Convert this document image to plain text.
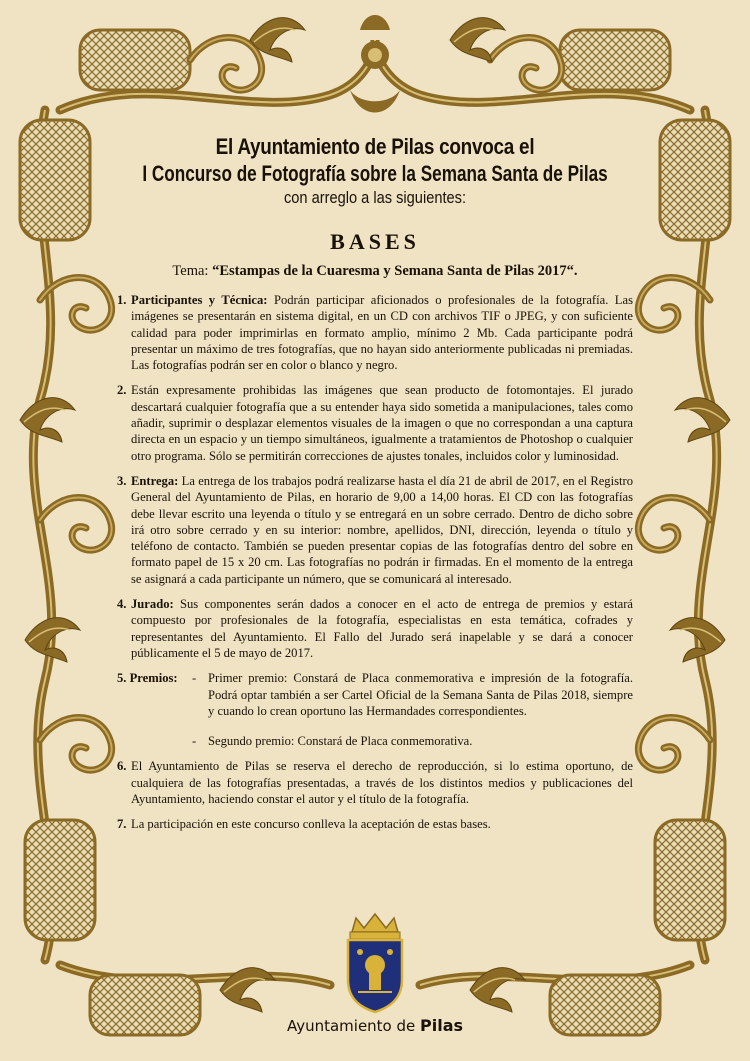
El Ayuntamiento de Pilas convoca el

I Concurso de Fotografía sobre la Semana Santa de Pilas

con arreglo a las siguientes:

BASES

Tema: “Estampas de la Cuaresma y Semana Santa de Pilas 2017“.

1. Participantes y Técnica: Podrán participar aficionados o profesionales de la fotografía. Las imágenes se presentarán en sistema digital, en un CD con archivos TIF o JPEG, y con suficiente calidad para poder imprimirlas en formato amplio, mínimo 2 Mb. Cada participante podrá presentar un máximo de tres fotografías, que no hayan sido anteriormente publicadas ni premiadas. Las fotografías podrán ser en color o blanco y negro.
2. Están expresamente prohibidas las imágenes que sean producto de fotomontajes. El jurado descartará cualquier fotografía que a su entender haya sido sometida a manipulaciones, tales como añadir, suprimir o desplazar elementos visuales de la imagen o que no correspondan a una captura directa en un espacio y un tiempo simultáneos, igualmente a tratamientos de Photoshop o cualquier otro programa. Sólo se permitirán correcciones de ajustes tonales, incluidos color y luminosidad.
3. Entrega: La entrega de los trabajos podrá realizarse hasta el día 21 de abril de 2017, en el Registro General del Ayuntamiento de Pilas, en horario de 9,00 a 14,00 horas. El CD con las fotografías debe llevar escrito una leyenda o título y se entregará en un sobre cerrado. Dentro de dicho sobre irá otro sobre cerrado y en su interior: nombre, apellidos, DNI, dirección, leyenda o título y teléfono de contacto. También se pueden presentar copias de las fotografías dentro del sobre en formato papel de 15 x 20 cm. Las fotografías no podrán ir firmadas. En el momento de la entrega se asignará a cada participante un número, que se comunicará al interesado.
4. Jurado: Sus componentes serán dados a conocer en el acto de entrega de premios y estará compuesto por profesionales de la fotografía, especialistas en esta temática, cofrades y representantes del Ayuntamiento. El Fallo del Jurado será inapelable y se dará a conocer públicamente el 5 de mayo de 2017.
5. Premios:	- Primer premio: Constará de Placa conmemorativa e impresión de la fotografía. Podrá optar también a ser Cartel Oficial de la Semana Santa de Pilas 2018, siempre y cuando lo crean oportuno las Hermandades correspondientes.
- Segundo premio: Constará de Placa conmemorativa.
6. El Ayuntamiento de Pilas se reserva el derecho de reproducción, si lo estima oportuno, de cualquiera de las fotografías presentadas, a través de los distintos medios y publicaciones del Ayuntamiento, haciendo constar el autor y el título de la fotografía.
7. La participación en este concurso conlleva la aceptación de estas bases.
Ayuntamiento de Pilas
